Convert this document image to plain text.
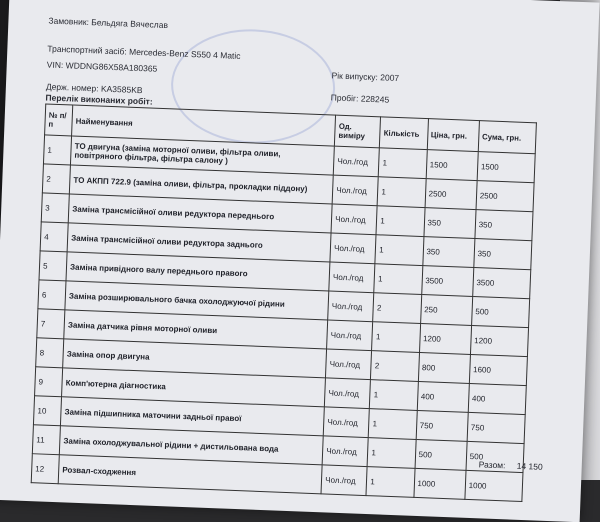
Замовник: Бельдяга Вячеслав
Транспортний засіб: Mercedes-Benz S550 4 Matic
VIN: WDDNG86X58A180365
Рік випуску: 2007
Держ. номер: KA3585KB
Пробіг: 228245
Перелік виконаних робіт:
№ п/п	Найменування	Од. виміру	Кількість	Ціна, грн.	Сума, грн.
1	ТО двигуна (заміна моторної оливи, фільтра оливи, повітряного фільтра, фільтра салону )	Чол./год	1	1500	1500
2	ТО АКПП 722.9 (заміна оливи, фільтра, прокладки піддону)	Чол./год	1	2500	2500
3	Заміна трансмісійної оливи редуктора переднього	Чол./год	1	350	350
4	Заміна трансмісійної оливи редуктора заднього	Чол./год	1	350	350
5	Заміна привідного валу переднього правого	Чол./год	1	3500	3500
6	Заміна розширювального бачка охолоджуючої рідини	Чол./год	2	250	500
7	Заміна датчика рівня моторної оливи	Чол./год	1	1200	1200
8	Заміна опор двигуна	Чол./год	2	800	1600
9	Комп'ютерна діагностика	Чол./год	1	400	400
10	Заміна підшипника маточини задньої правої	Чол./год	1	750	750
11	Заміна охолоджувальної рідини + дистильована вода	Чол./год	1	500	500
12	Розвал-сходження	Чол./год	1	1000	1000
Разом: 14 150
